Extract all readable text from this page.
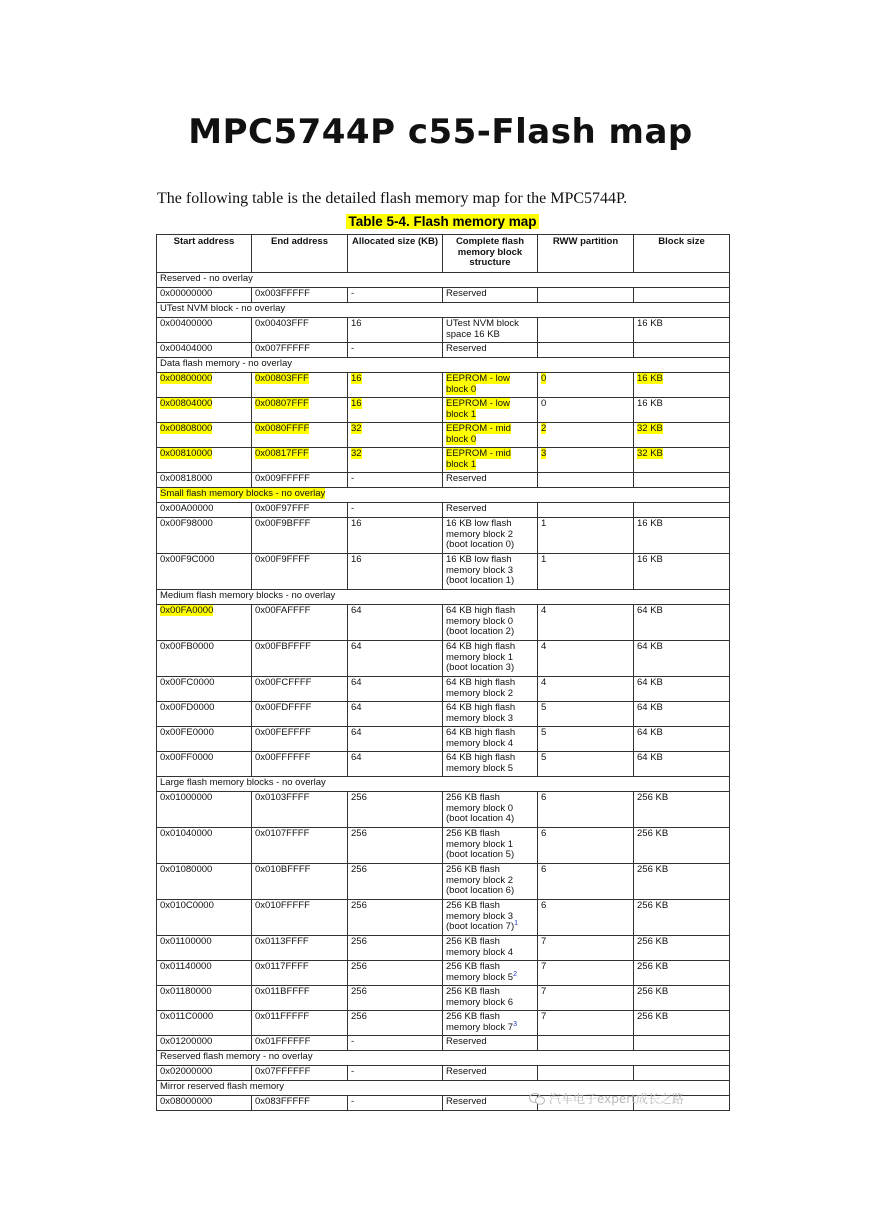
MPC5744P c55-Flash map
The following table is the detailed flash memory map for the MPC5744P.
Table 5-4. Flash memory map
Start address	End address	Allocated size (KB)	Complete flash memory block structure	RWW partition	Block size
Reserved - no overlay					
0x00000000	0x003FFFFF	-	Reserved		
UTest NVM block - no overlay					
0x00400000	0x00403FFF	16	UTest NVM block space 16 KB		16 KB
0x00404000	0x007FFFFF	-	Reserved		
Data flash memory - no overlay					
0x00800000	0x00803FFF	16	EEPROM - low block 0	0	16 KB
0x00804000	0x00807FFF	16	EEPROM - low block 1	0	16 KB
0x00808000	0x0080FFFF	32	EEPROM - mid block 0	2	32 KB
0x00810000	0x00817FFF	32	EEPROM - mid block 1	3	32 KB
0x00818000	0x009FFFFF	-	Reserved		
Small flash memory blocks - no overlay					
0x00A00000	0x00F97FFF	-	Reserved		
0x00F98000	0x00F9BFFF	16	16 KB low flash memory block 2 (boot location 0)	1	16 KB
0x00F9C000	0x00F9FFFF	16	16 KB low flash memory block 3 (boot location 1)	1	16 KB
Medium flash memory blocks - no overlay					
0x00FA0000	0x00FAFFFF	64	64 KB high flash memory block 0 (boot location 2)	4	64 KB
0x00FB0000	0x00FBFFFF	64	64 KB high flash memory block 1 (boot location 3)	4	64 KB
0x00FC0000	0x00FCFFFF	64	64 KB high flash memory block 2	4	64 KB
0x00FD0000	0x00FDFFFF	64	64 KB high flash memory block 3	5	64 KB
0x00FE0000	0x00FEFFFF	64	64 KB high flash memory block 4	5	64 KB
0x00FF0000	0x00FFFFFF	64	64 KB high flash memory block 5	5	64 KB
Large flash memory blocks - no overlay					
0x01000000	0x0103FFFF	256	256 KB flash memory block 0 (boot location 4)	6	256 KB
0x01040000	0x0107FFFF	256	256 KB flash memory block 1 (boot location 5)	6	256 KB
0x01080000	0x010BFFFF	256	256 KB flash memory block 2 (boot location 6)	6	256 KB
0x010C0000	0x010FFFFF	256	256 KB flash memory block 3 (boot location 7)$^1$	6	256 KB
0x01100000	0x0113FFFF	256	256 KB flash memory block 4	7	256 KB
0x01140000	0x0117FFFF	256	256 KB flash memory block $5^2$	7	256 KB
0x01180000	0x011BFFFF	256	256 KB flash memory block 6	7	256 KB
0x011C0000	0x011FFFFF	256	256 KB flash memory block $7^3$	7	256 KB
0x01200000	0x01FFFFFF	-	Reserved		
Reserved flash memory - no overlay					
0x02000000	0x07FFFFFF	-	Reserved		
Mirror reserved flash memory					
0x08000000	0x083FFFFF	-	Reserved			汽车电子expert成长之路
